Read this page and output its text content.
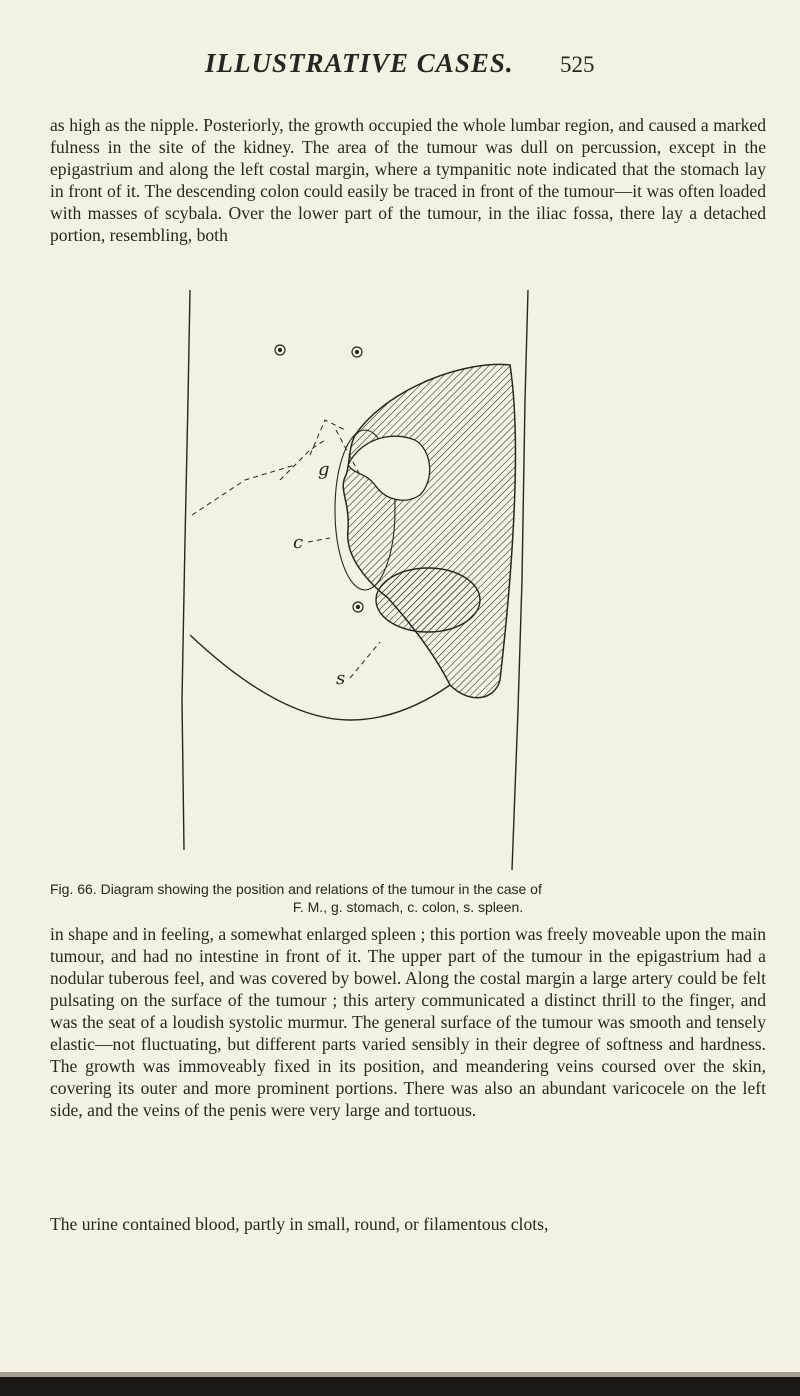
ILLUSTRATIVE CASES. 525

as high as the nipple. Posteriorly, the growth occupied the whole lumbar region, and caused a marked fulness in the site of the kidney. The area of the tumour was dull on percussion, except in the epigastrium and along the left costal margin, where a tympanitic note indicated that the stomach lay in front of it. The descending colon could easily be traced in front of the tumour—it was often loaded with masses of scybala. Over the lower part of the tumour, in the iliac fossa, there lay a detached portion, resembling, both

g
c
s
Fig. 66. Diagram showing the position and relations of the tumour in the case of
F. M., g. stomach, c. colon, s. spleen.

in shape and in feeling, a somewhat enlarged spleen ; this portion was freely moveable upon the main tumour, and had no intestine in front of it. The upper part of the tumour in the epigastrium had a nodular tuberous feel, and was covered by bowel. Along the costal margin a large artery could be felt pulsating on the surface of the tumour ; this artery communicated a distinct thrill to the finger, and was the seat of a loudish systolic murmur. The general surface of the tumour was smooth and tensely elastic—not fluctuating, but different parts varied sensibly in their degree of softness and hardness. The growth was immoveably fixed in its position, and meandering veins coursed over the skin, covering its outer and more prominent portions. There was also an abundant varicocele on the left side, and the veins of the penis were very large and tortuous.

The urine contained blood, partly in small, round, or filamentous clots,
